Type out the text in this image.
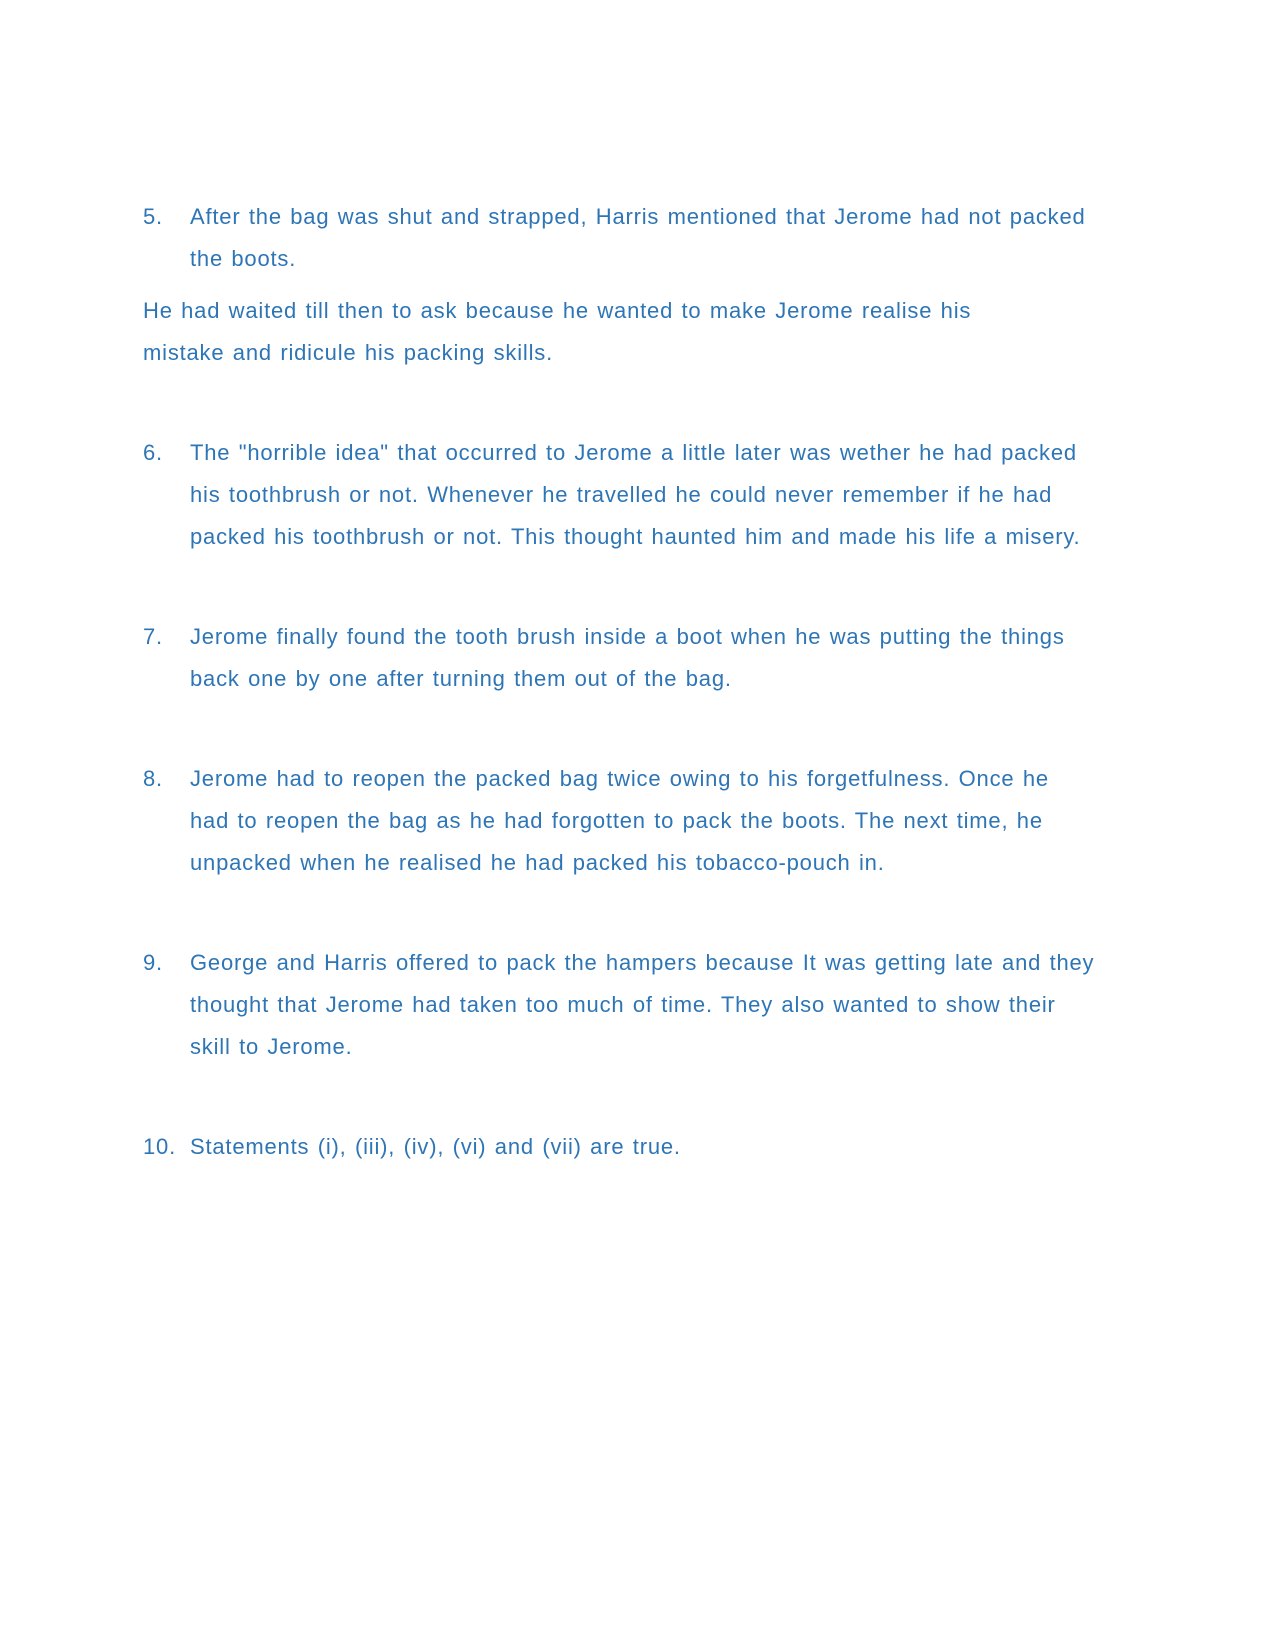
5. After the bag was shut and strapped, Harris mentioned that Jerome had not packed the boots.
He had waited till then to ask because he wanted to make Jerome realise his mistake and ridicule his packing skills.
6. The "horrible idea" that occurred to Jerome a little later was wether he had packed his toothbrush or not. Whenever he travelled he could never remember if he had packed his toothbrush or not. This thought haunted him and made his life a misery.
7. Jerome finally found the tooth brush inside a boot when he was putting the things back one by one after turning them out of the bag.
8. Jerome had to reopen the packed bag twice owing to his forgetfulness. Once he had to reopen the bag as he had forgotten to pack the boots. The next time, he unpacked when he realised he had packed his tobacco-pouch in.
9. George and Harris offered to pack the hampers because It was getting late and they thought that Jerome had taken too much of time. They also wanted to show their skill to Jerome.
10. Statements (i), (iii), (iv), (vi) and (vii) are true.
